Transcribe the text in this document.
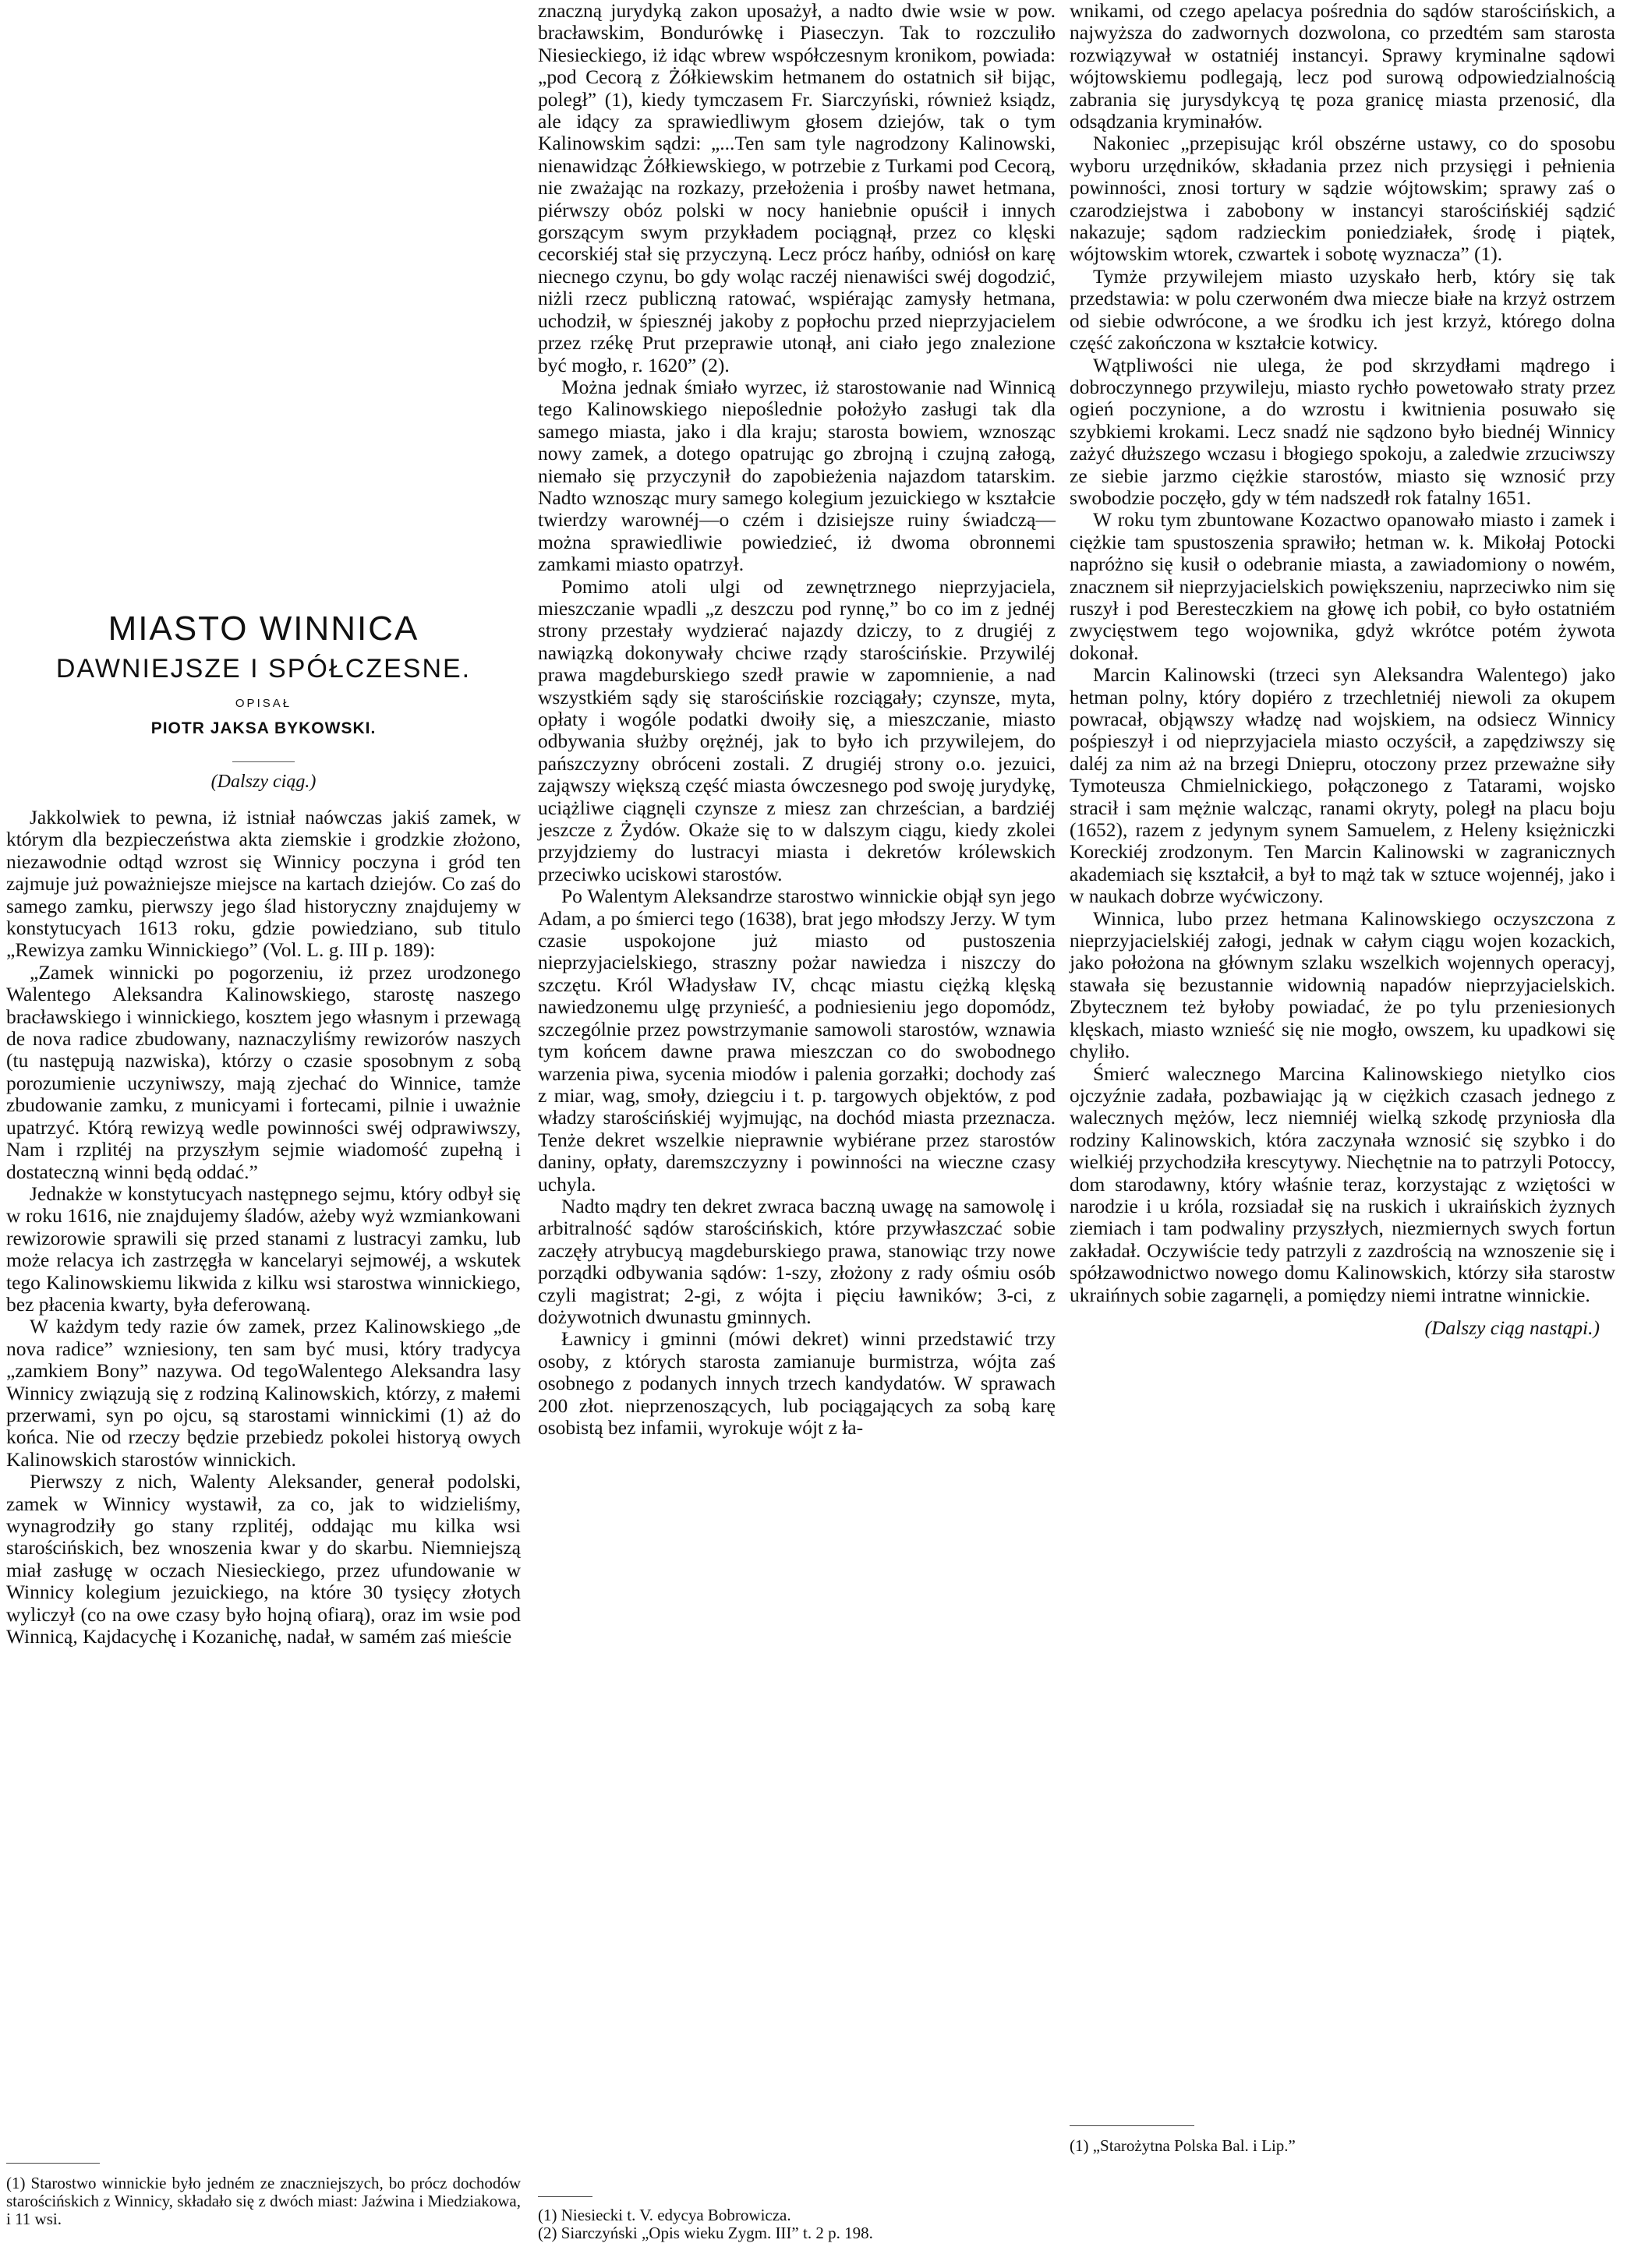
MIASTO WINNICA
DAWNIEJSZE I SPÓŁCZESNE.
OPISAŁ
PIOTR JAKSA BYKOWSKI.
(Dalszy ciąg.)

Jakkolwiek to pewna, iż istniał naówczas jakiś zamek, w którym dla bezpieczeństwa akta ziemskie i grodzkie złożono, niezawodnie odtąd wzrost się Winnicy poczyna i gród ten zajmuje już poważniejsze miejsce na kartach dziejów. Co zaś do samego zamku, pierwszy jego ślad historyczny znajdujemy w konstytucyach 1613 roku, gdzie powiedziano, sub titulo „Rewizya zamku Winnickiego” (Vol. L. g. III p. 189):

„Zamek winnicki po pogorzeniu, iż przez urodzonego Walentego Aleksandra Kalinowskiego, starostę naszego bracławskiego i winnickiego, kosztem jego własnym i przewagą de nova radice zbudowany, naznaczyliśmy rewizorów naszych (tu następują nazwiska), którzy o czasie sposobnym z sobą porozumienie uczyniwszy, mają zjechać do Winnice, tamże zbudowanie zamku, z municyami i fortecami, pilnie i uważnie upatrzyć. Którą rewizyą wedle powinności swéj odprawiwszy, Nam i rzplitéj na przyszłym sejmie wiadomość zupełną i dostateczną winni będą oddać.”

Jednakże w konstytucyach następnego sejmu, który odbył się w roku 1616, nie znajdujemy śladów, ażeby wyż wzmiankowani rewizorowie sprawili się przed stanami z lustracyi zamku, lub może relacya ich zastrzęgła w kancelaryi sejmowéj, a wskutek tego Kalinowskiemu likwida z kilku wsi starostwa winnickiego, bez płacenia kwarty, była deferowaną.

W każdym tedy razie ów zamek, przez Kalinowskiego „de nova radice” wzniesiony, ten sam być musi, który tradycya „zamkiem Bony” nazywa. Od tegoWalentego Aleksandra lasy Winnicy związują się z rodziną Kalinowskich, którzy, z małemi przerwami, syn po ojcu, są starostami winnickimi (1) aż do końca. Nie od rzeczy będzie przebiedz pokolei historyą owych Kalinowskich starostów winnickich.

Pierwszy z nich, Walenty Aleksander, generał podolski, zamek w Winnicy wystawił, za co, jak to widzieliśmy, wynagrodziły go stany rzplitéj, oddając mu kilka wsi starościńskich, bez wnoszenia kwar y do skarbu. Niemniejszą miał zasługę w oczach Niesieckiego, przez ufundowanie w Winnicy kolegium jezuickiego, na które 30 tysięcy złotych wyliczył (co na owe czasy było hojną ofiarą), oraz im wsie pod Winnicą, Kajdacychę i Kozanichę, nadał, w samém zaś mieście

(1) Starostwo winnickie było jedném ze znaczniejszych, bo prócz dochodów starościńskich z Winnicy, składało się z dwóch miast: Jaźwina i Miedziakowa, i 11 wsi.

znaczną jurydyką zakon uposażył, a nadto dwie wsie w pow. bracławskim, Bondurówkę i Piaseczyn. Tak to rozczuliło Niesieckiego, iż idąc wbrew współczesnym kronikom, powiada: „pod Cecorą z Żółkiewskim hetmanem do ostatnich sił bijąc, poległ” (1), kiedy tymczasem Fr. Siarczyński, również ksiądz, ale idący za sprawiedliwym głosem dziejów, tak o tym Kalinowskim sądzi: „...Ten sam tyle nagrodzony Kalinowski, nienawidząc Żółkiewskiego, w potrzebie z Turkami pod Cecorą, nie zważając na rozkazy, przełożenia i prośby nawet hetmana, piérwszy obóz polski w nocy haniebnie opuścił i innych gorszącym swym przykładem pociągnął, przez co klęski cecorskiéj stał się przyczyną. Lecz prócz hańby, odniósł on karę niecnego czynu, bo gdy woląc raczéj nienawiści swéj dogodzić, niżli rzecz publiczną ratować, wspiérając zamysły hetmana, uchodził, w śpiesznéj jakoby z popłochu przed nieprzyjacielem przez rzékę Prut przeprawie utonął, ani ciało jego znalezione być mogło, r. 1620” (2).

Można jednak śmiało wyrzec, iż starostowanie nad Winnicą tego Kalinowskiego niepoślednie położyło zasługi tak dla samego miasta, jako i dla kraju; starosta bowiem, wznosząc nowy zamek, a dotego opatrując go zbrojną i czujną załogą, niemało się przyczynił do zapobieżenia najazdom tatarskim. Nadto wznosząc mury samego kolegium jezuickiego w kształcie twierdzy warownéj—o czém i dzisiejsze ruiny świadczą—można sprawiedliwie powiedzieć, iż dwoma obronnemi zamkami miasto opatrzył.

Pomimo atoli ulgi od zewnętrznego nieprzyjaciela, mieszczanie wpadli „z deszczu pod rynnę,” bo co im z jednéj strony przestały wydzierać najazdy dziczy, to z drugiéj z nawiązką dokonywały chciwe rządy starościńskie. Przywiléj prawa magdeburskiego szedł prawie w zapomnienie, a nad wszystkiém sądy się starościńskie rozciągały; czynsze, myta, opłaty i wogóle podatki dwoiły się, a mieszczanie, miasto odbywania służby orężnéj, jak to było ich przywilejem, do pańszczyzny obróceni zostali. Z drugiéj strony o.o. jezuici, zająwszy większą część miasta ówczesnego pod swoję jurydykę, uciążliwe ciągnęli czynsze z miesz zan chrześcian, a bardziéj jeszcze z Żydów. Okaże się to w dalszym ciągu, kiedy zkolei przyjdziemy do lustracyi miasta i dekretów królewskich przeciwko uciskowi starostów.

Po Walentym Aleksandrze starostwo winnickie objął syn jego Adam, a po śmierci tego (1638), brat jego młodszy Jerzy. W tym czasie uspokojone już miasto od pustoszenia nieprzyjacielskiego, straszny pożar nawiedza i niszczy do szczętu. Król Władysław IV, chcąc miastu ciężką klęską nawiedzonemu ulgę przynieść, a podniesieniu jego dopomódz, szczególnie przez powstrzymanie samowoli starostów, wznawia tym końcem dawne prawa mieszczan co do swobodnego warzenia piwa, sycenia miodów i palenia gorzałki; dochody zaś z miar, wag, smoły, dziegciu i t. p. targowych objektów, z pod władzy starościńskiéj wyjmując, na dochód miasta przeznacza. Tenże dekret wszelkie nieprawnie wybiérane przez starostów daniny, opłaty, daremszczyzny i powinności na wieczne czasy uchyla.

Nadto mądry ten dekret zwraca baczną uwagę na samowolę i arbitralność sądów starościńskich, które przywłaszczać sobie zaczęły atrybucyą magdeburskiego prawa, stanowiąc trzy nowe porządki odbywania sądów: 1-szy, złożony z rady ośmiu osób czyli magistrat; 2-gi, z wójta i pięciu ławników; 3-ci, z dożywotnich dwunastu gminnych.

Ławnicy i gminni (mówi dekret) winni przedstawić trzy osoby, z których starosta zamianuje burmistrza, wójta zaś osobnego z podanych innych trzech kandydatów. W sprawach 200 złot. nieprzenoszących, lub pociągających za sobą karę osobistą bez infamii, wyrokuje wójt z ła-

(1) Niesiecki t. V. edycya Bobrowicza.

(2) Siarczyński „Opis wieku Zygm. III” t. 2 p. 198.

wnikami, od czego apelacya pośrednia do sądów starościńskich, a najwyższa do zadwornych dozwolona, co przedtém sam starosta rozwiązywał w ostatniéj instancyi. Sprawy kryminalne sądowi wójtowskiemu podlegają, lecz pod surową odpowiedzialnością zabrania się jurysdykcyą tę poza granicę miasta przenosić, dla odsądzania kryminałów.

Nakoniec „przepisując król obszérne ustawy, co do sposobu wyboru urzędników, składania przez nich przysięgi i pełnienia powinności, znosi tortury w sądzie wójtowskim; sprawy zaś o czarodziejstwa i zabobony w instancyi starościńskiéj sądzić nakazuje; sądom radzieckim poniedziałek, środę i piątek, wójtowskim wtorek, czwartek i sobotę wyznacza” (1).

Tymże przywilejem miasto uzyskało herb, który się tak przedstawia: w polu czerwoném dwa miecze białe na krzyż ostrzem od siebie odwrócone, a we środku ich jest krzyż, którego dolna część zakończona w kształcie kotwicy.

Wątpliwości nie ulega, że pod skrzydłami mądrego i dobroczynnego przywileju, miasto rychło powetowało straty przez ogień poczynione, a do wzrostu i kwitnienia posuwało się szybkiemi krokami. Lecz snadź nie sądzono było biednéj Winnicy zażyć dłuższego wczasu i błogiego spokoju, a zaledwie zrzuciwszy ze siebie jarzmo ciężkie starostów, miasto się wznosić przy swobodzie poczęło, gdy w tém nadszedł rok fatalny 1651.

W roku tym zbuntowane Kozactwo opanowało miasto i zamek i ciężkie tam spustoszenia sprawiło; hetman w. k. Mikołaj Potocki napróżno się kusił o odebranie miasta, a zawiadomiony o nowém, znacznem sił nieprzyjacielskich powiększeniu, naprzeciwko nim się ruszył i pod Beresteczkiem na głowę ich pobił, co było ostatniém zwycięstwem tego wojownika, gdyż wkrótce potém żywota dokonał.

Marcin Kalinowski (trzeci syn Aleksandra Walentego) jako hetman polny, który dopiéro z trzechletniéj niewoli za okupem powracał, objąwszy władzę nad wojskiem, na odsiecz Winnicy pośpieszył i od nieprzyjaciela miasto oczyścił, a zapędziwszy się daléj za nim aż na brzegi Dniepru, otoczony przez przeważne siły Tymoteusza Chmielnickiego, połączonego z Tatarami, wojsko stracił i sam mężnie walcząc, ranami okryty, poległ na placu boju (1652), razem z jedynym synem Samuelem, z Heleny księżniczki Koreckiéj zrodzonym. Ten Marcin Kalinowski w zagranicznych akademiach się kształcił, a był to mąż tak w sztuce wojennéj, jako i w naukach dobrze wyćwiczony.

Winnica, lubo przez hetmana Kalinowskiego oczyszczona z nieprzyjacielskiéj załogi, jednak w całym ciągu wojen kozackich, jako położona na głównym szlaku wszelkich wojennych operacyj, stawała się bezustannie widownią napadów nieprzyjacielskich. Zbytecznem też byłoby powiadać, że po tylu przeniesionych klęskach, miasto wznieść się nie mogło, owszem, ku upadkowi się chyliło.

Śmierć walecznego Marcina Kalinowskiego nietylko cios ojczyźnie zadała, pozbawiając ją w ciężkich czasach jednego z walecznych mężów, lecz niemniéj wielką szkodę przyniosła dla rodziny Kalinowskich, która zaczynała wznosić się szybko i do wielkiéj przychodziła krescytywy. Niechętnie na to patrzyli Potoccy, dom starodawny, który właśnie teraz, korzystając z wziętości w narodzie i u króla, rozsiadał się na ruskich i ukraińskich żyznych ziemiach i tam podwaliny przyszłych, niezmiernych swych fortun zakładał. Oczywiście tedy patrzyli z zazdrością na wznoszenie się i spółzawodnictwo nowego domu Kalinowskich, którzy siła starostw ukraińnych sobie zagarnęli, a pomiędzy niemi intratne winnickie.

(Dalszy ciąg nastąpi.)

(1) „Starożytna Polska Bal. i Lip.”
